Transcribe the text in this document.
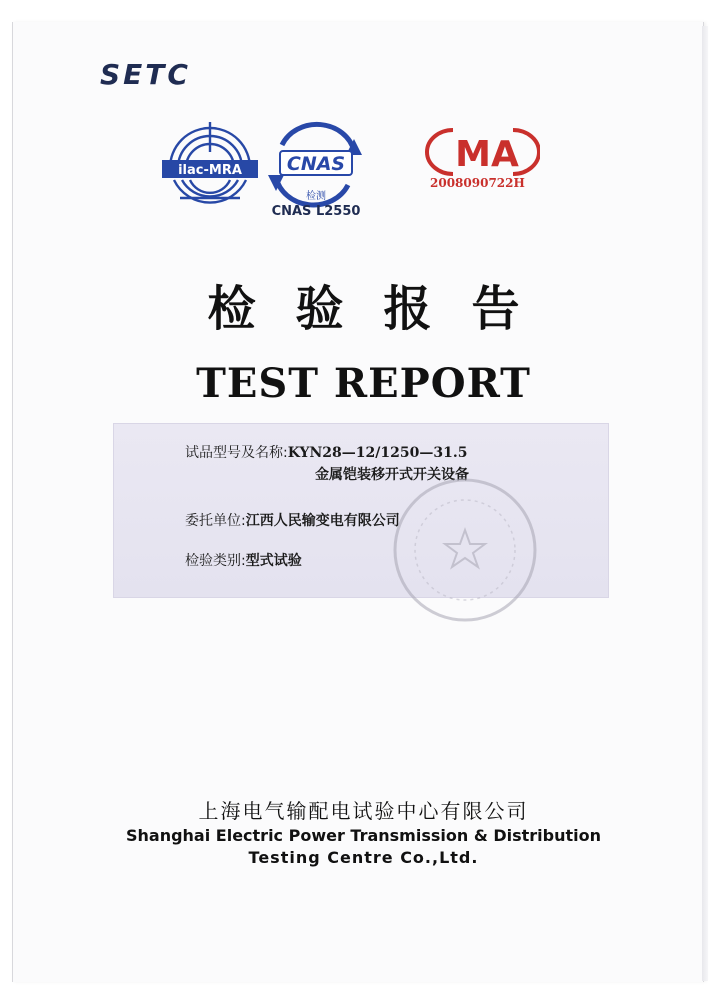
SETC
ilac-MRA CNAS
检测
CNAS L2550
MA
2008090722H
检验报告
TEST REPORT
试品型号及名称:KYN28—12/1250—31.5
金属铠装移开式开关设备
委托单位:江西人民输变电有限公司
检验类别:型式试验
上海电气输配电试验中心有限公司
Shanghai Electric Power Transmission & Distribution
Testing Centre Co.,Ltd.
